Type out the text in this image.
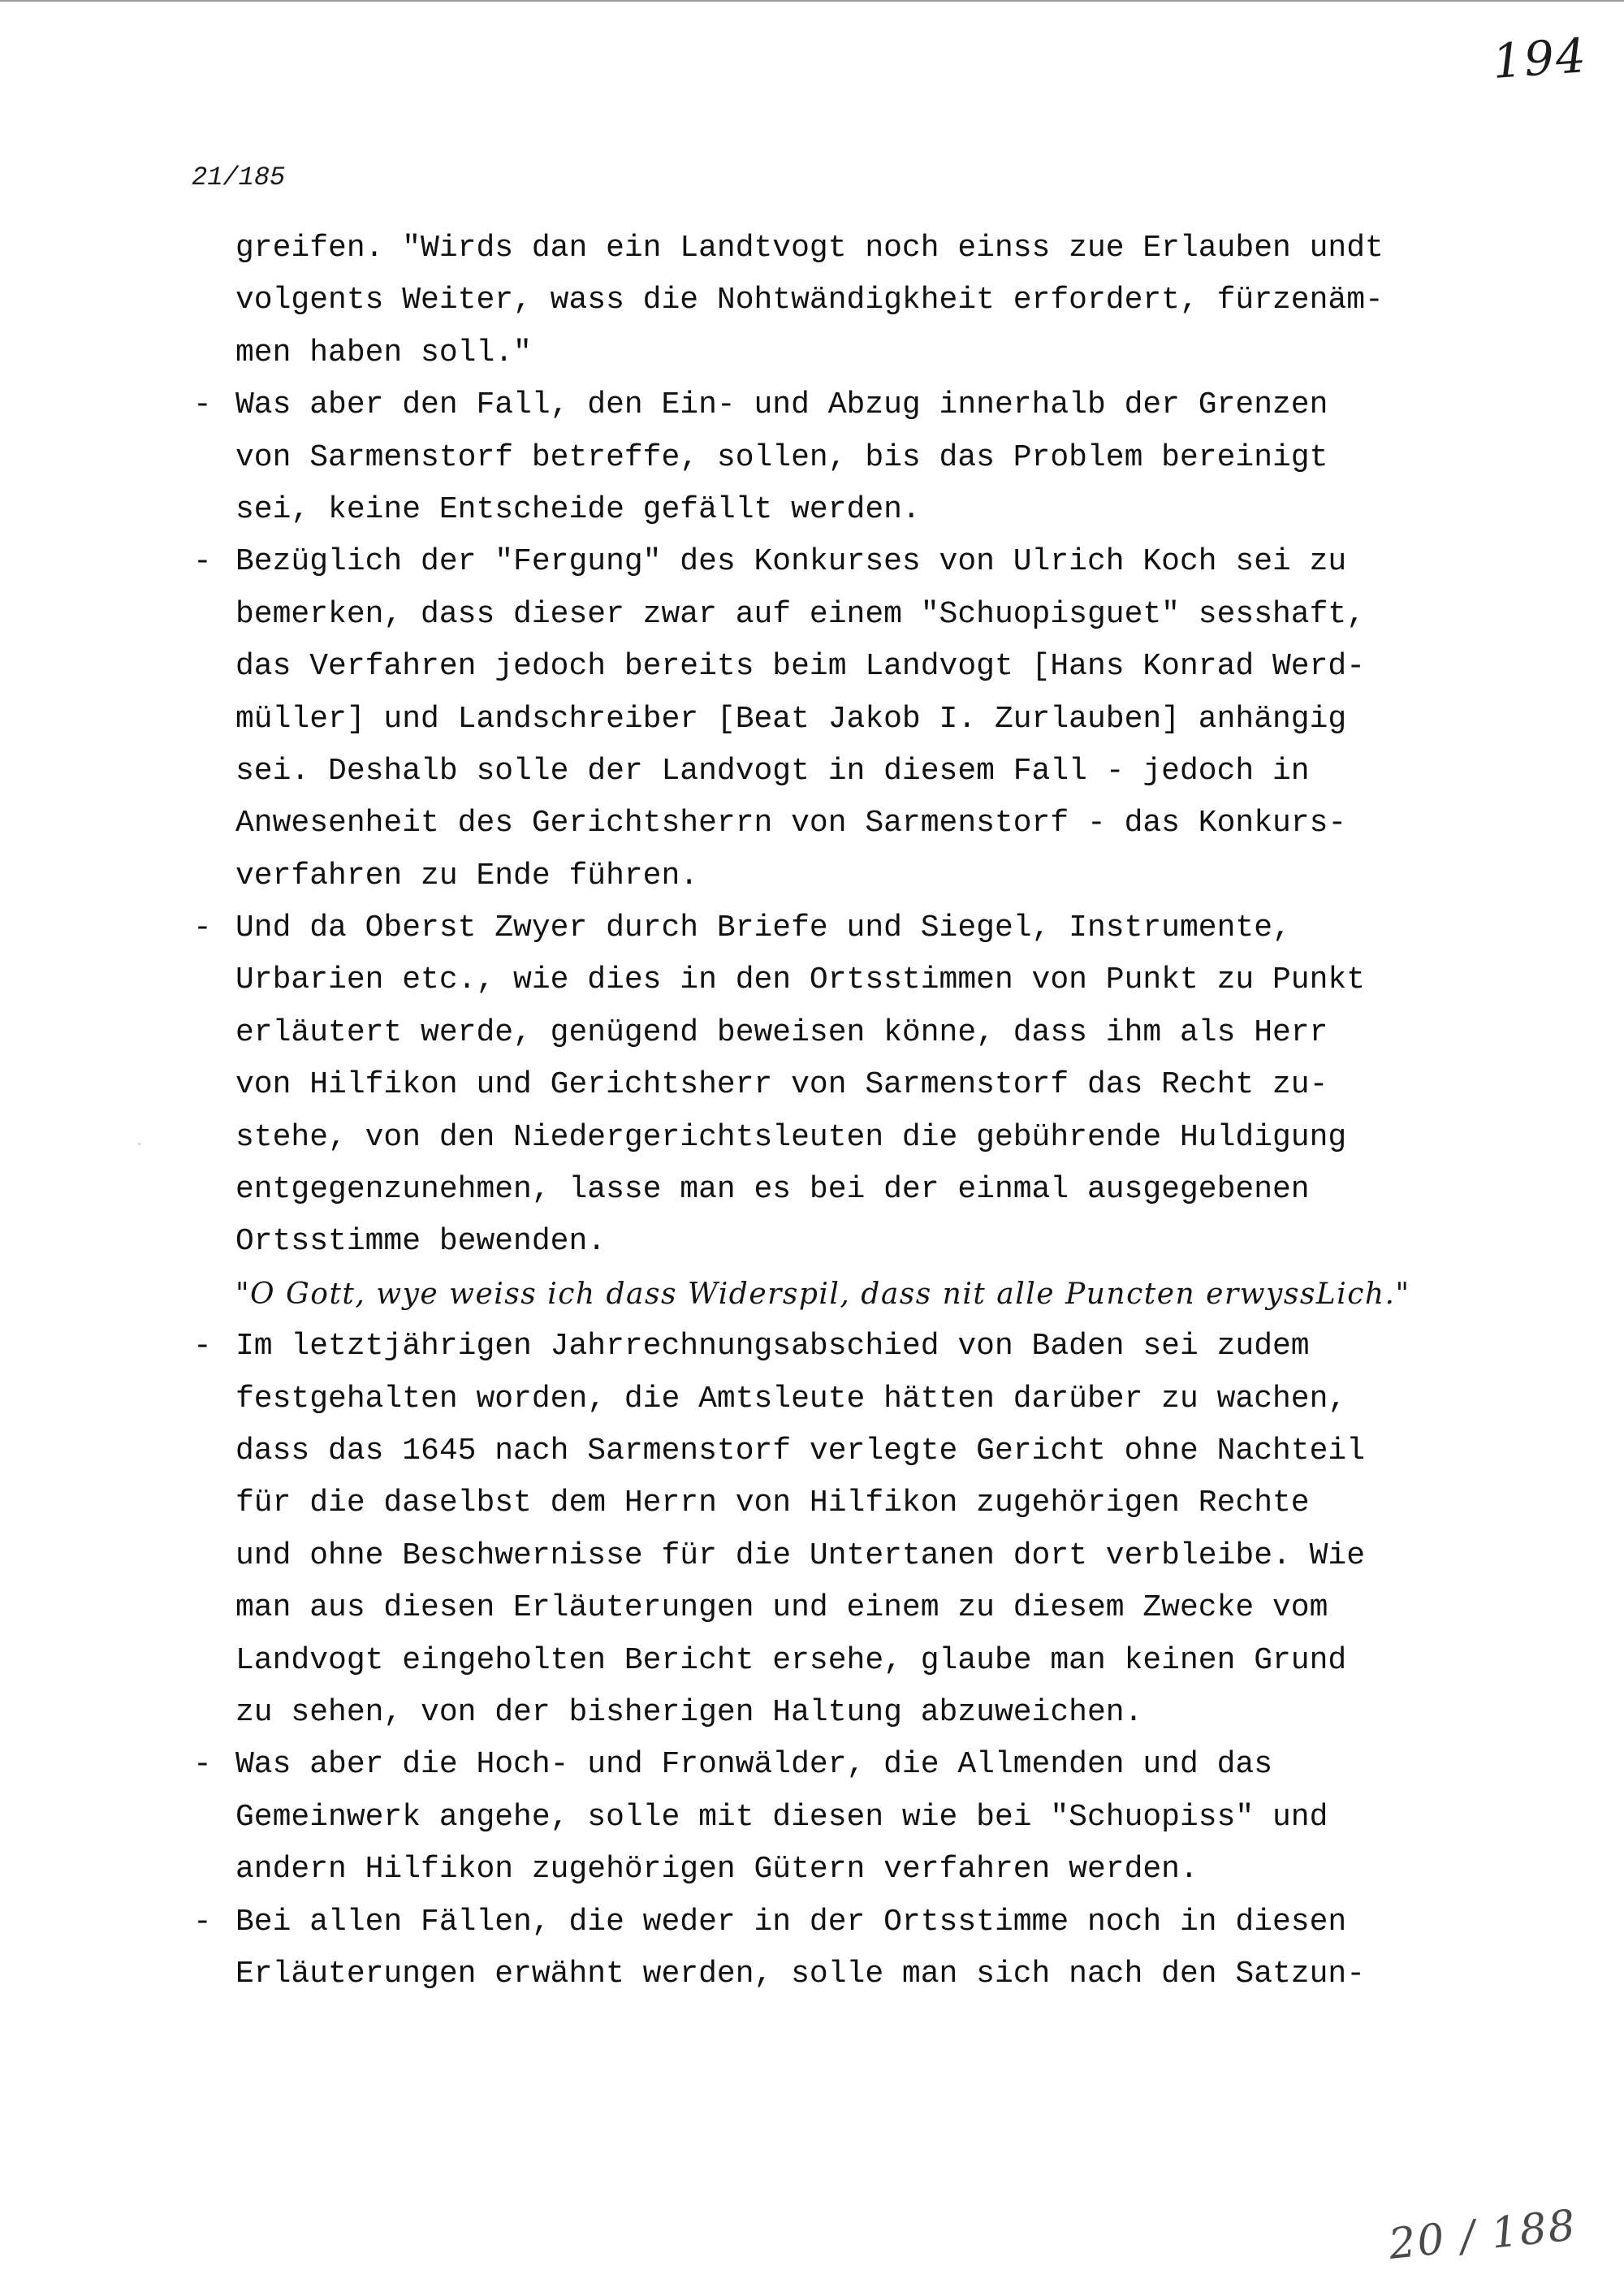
194
21/185
greifen. "Wirds dan ein Landtvogt noch einss zue Erlauben undt
volgents Weiter, wass die Nohtwändigkheit erfordert, fürzenäm-
men haben soll."
- Was aber den Fall, den Ein- und Abzug innerhalb der Grenzen
von Sarmenstorf betreffe, sollen, bis das Problem bereinigt
sei, keine Entscheide gefällt werden.
- Bezüglich der "Fergung" des Konkurses von Ulrich Koch sei zu
bemerken, dass dieser zwar auf einem "Schuopisguet" sesshaft,
das Verfahren jedoch bereits beim Landvogt [Hans Konrad Werd-
müller] und Landschreiber [Beat Jakob I. Zurlauben] anhängig
sei. Deshalb solle der Landvogt in diesem Fall - jedoch in
Anwesenheit des Gerichtsherrn von Sarmenstorf - das Konkurs-
verfahren zu Ende führen.
- Und da Oberst Zwyer durch Briefe und Siegel, Instrumente,
Urbarien etc., wie dies in den Ortsstimmen von Punkt zu Punkt
erläutert werde, genügend beweisen könne, dass ihm als Herr
von Hilfikon und Gerichtsherr von Sarmenstorf das Recht zu-
stehe, von den Niedergerichtsleuten die gebührende Huldigung
entgegenzunehmen, lasse man es bei der einmal ausgegebenen
Ortsstimme bewenden.
"O Gott, wye weiss ich dass Widerspil, dass nit alle Puncten erwyssLich."
- Im letztjährigen Jahrrechnungsabschied von Baden sei zudem
festgehalten worden, die Amtsleute hätten darüber zu wachen,
dass das 1645 nach Sarmenstorf verlegte Gericht ohne Nachteil
für die daselbst dem Herrn von Hilfikon zugehörigen Rechte
und ohne Beschwernisse für die Untertanen dort verbleibe. Wie
man aus diesen Erläuterungen und einem zu diesem Zwecke vom
Landvogt eingeholten Bericht ersehe, glaube man keinen Grund
zu sehen, von der bisherigen Haltung abzuweichen.
- Was aber die Hoch- und Fronwälder, die Allmenden und das
Gemeinwerk angehe, solle mit diesen wie bei "Schuopiss" und
andern Hilfikon zugehörigen Gütern verfahren werden.
- Bei allen Fällen, die weder in der Ortsstimme noch in diesen
Erläuterungen erwähnt werden, solle man sich nach den Satzun-
20 / 188
